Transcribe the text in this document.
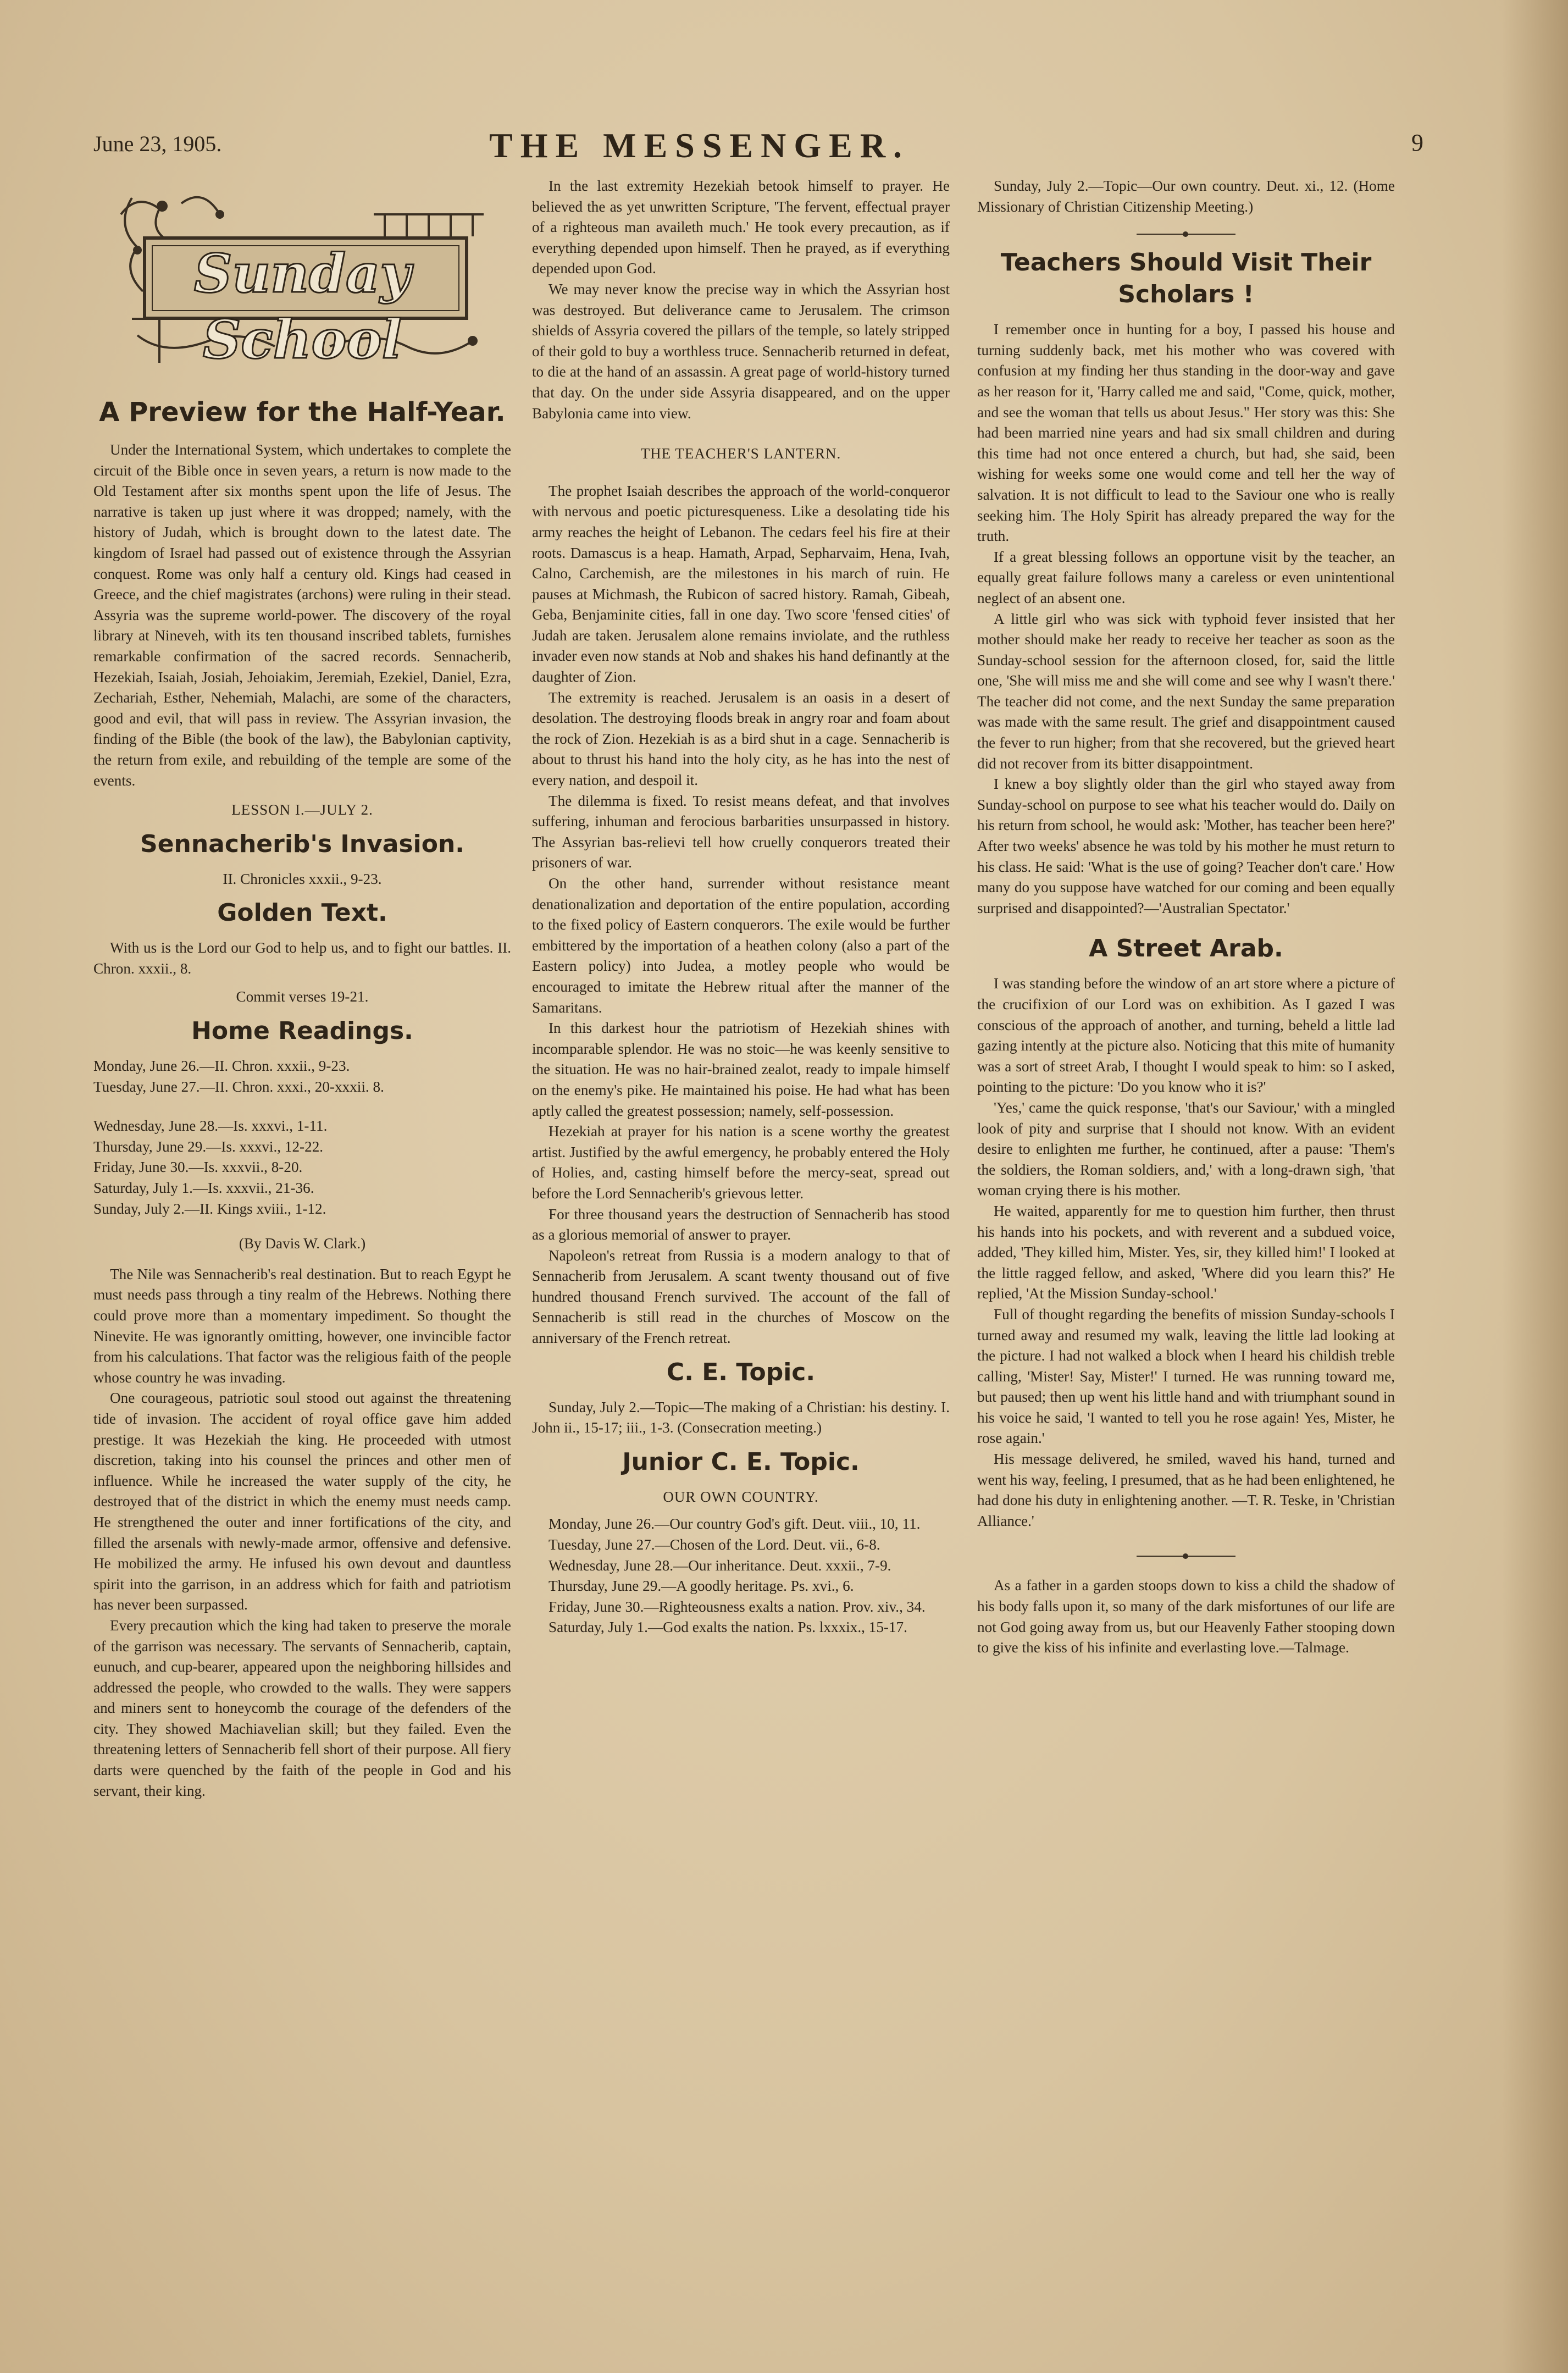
June 23, 1905.	THE MESSENGER.	9
Sunday School
A Preview for the Half-Year.

Under the International System, which undertakes to complete the circuit of the Bible once in seven years, a return is now made to the Old Testament after six months spent upon the life of Jesus. The narrative is taken up just where it was dropped; namely, with the history of Judah, which is brought down to the latest date. The kingdom of Israel had passed out of existence through the Assyrian conquest. Rome was only half a century old. Kings had ceased in Greece, and the chief magistrates (archons) were ruling in their stead. Assyria was the supreme world-power. The discovery of the royal library at Nineveh, with its ten thousand inscribed tablets, furnishes remarkable confirmation of the sacred records. Sennacherib, Hezekiah, Isaiah, Josiah, Jehoiakim, Jeremiah, Ezekiel, Daniel, Ezra, Zechariah, Esther, Nehemiah, Malachi, are some of the characters, good and evil, that will pass in review. The Assyrian invasion, the finding of the Bible (the book of the law), the Babylonian captivity, the return from exile, and rebuilding of the temple are some of the events.

LESSON I.—JULY 2.
Sennacherib's Invasion.

II. Chronicles xxxii., 9-23.

Golden Text.

With us is the Lord our God to help us, and to fight our battles. II. Chron. xxxii., 8.

Commit verses 19-21.

Home Readings.

Monday, June 26.—II. Chron. xxxii., 9-23.

Tuesday, June 27.—II. Chron. xxxi., 20-xxxii. 8.

Wednesday, June 28.—Is. xxxvi., 1-11.

Thursday, June 29.—Is. xxxvi., 12-22.

Friday, June 30.—Is. xxxvii., 8-20.

Saturday, July 1.—Is. xxxvii., 21-36.

Sunday, July 2.—II. Kings xviii., 1-12.

(By Davis W. Clark.)

The Nile was Sennacherib's real destination. But to reach Egypt he must needs pass through a tiny realm of the Hebrews. Nothing there could prove more than a momentary impediment. So thought the Ninevite. He was ignorantly omitting, however, one invincible factor from his calculations. That factor was the religious faith of the people whose country he was invading.

One courageous, patriotic soul stood out against the threatening tide of invasion. The accident of royal office gave him added prestige. It was Hezekiah the king. He proceeded with utmost discretion, taking into his counsel the princes and other men of influence. While he increased the water supply of the city, he destroyed that of the district in which the enemy must needs camp. He strengthened the outer and inner fortifications of the city, and filled the arsenals with newly-made armor, offensive and defensive. He mobilized the army. He infused his own devout and dauntless spirit into the garrison, in an address which for faith and patriotism has never been surpassed.

Every precaution which the king had taken to preserve the morale of the garrison was necessary. The servants of Sennacherib, captain, eunuch, and cup-bearer, appeared upon the neighboring hillsides and addressed the people, who crowded to the walls. They were sappers and miners sent to honeycomb the courage of the defenders of the city. They showed Machiavelian skill; but they failed. Even the threatening letters of Sennacherib fell short of their purpose. All fiery darts were quenched by the faith of the people in God and his servant, their king.

In the last extremity Hezekiah betook himself to prayer. He believed the as yet unwritten Scripture, 'The fervent, effectual prayer of a righteous man availeth much.' He took every precaution, as if everything depended upon himself. Then he prayed, as if everything depended upon God.

We may never know the precise way in which the Assyrian host was destroyed. But deliverance came to Jerusalem. The crimson shields of Assyria covered the pillars of the temple, so lately stripped of their gold to buy a worthless truce. Sennacherib returned in defeat, to die at the hand of an assassin. A great page of world-history turned that day. On the under side Assyria disappeared, and on the upper Babylonia came into view.

THE TEACHER'S LANTERN.

The prophet Isaiah describes the approach of the world-conqueror with nervous and poetic picturesqueness. Like a desolating tide his army reaches the height of Lebanon. The cedars feel his fire at their roots. Damascus is a heap. Hamath, Arpad, Sepharvaim, Hena, Ivah, Calno, Carchemish, are the milestones in his march of ruin. He pauses at Michmash, the Rubicon of sacred history. Ramah, Gibeah, Geba, Benjaminite cities, fall in one day. Two score 'fensed cities' of Judah are taken. Jerusalem alone remains inviolate, and the ruthless invader even now stands at Nob and shakes his hand definantly at the daughter of Zion.

The extremity is reached. Jerusalem is an oasis in a desert of desolation. The destroying floods break in angry roar and foam about the rock of Zion. Hezekiah is as a bird shut in a cage. Sennacherib is about to thrust his hand into the holy city, as he has into the nest of every nation, and despoil it.

The dilemma is fixed. To resist means defeat, and that involves suffering, inhuman and ferocious barbarities unsurpassed in history. The Assyrian bas-relievi tell how cruelly conquerors treated their prisoners of war.

On the other hand, surrender without resistance meant denationalization and deportation of the entire population, according to the fixed policy of Eastern conquerors. The exile would be further embittered by the importation of a heathen colony (also a part of the Eastern policy) into Judea, a motley people who would be encouraged to imitate the Hebrew ritual after the manner of the Samaritans.

In this darkest hour the patriotism of Hezekiah shines with incomparable splendor. He was no stoic—he was keenly sensitive to the situation. He was no hair-brained zealot, ready to impale himself on the enemy's pike. He maintained his poise. He had what has been aptly called the greatest possession; namely, self-possession.

Hezekiah at prayer for his nation is a scene worthy the greatest artist. Justified by the awful emergency, he probably entered the Holy of Holies, and, casting himself before the mercy-seat, spread out before the Lord Sennacherib's grievous letter.

For three thousand years the destruction of Sennacherib has stood as a glorious memorial of answer to prayer.

Napoleon's retreat from Russia is a modern analogy to that of Sennacherib from Jerusalem. A scant twenty thousand out of five hundred thousand French survived. The account of the fall of Sennacherib is still read in the churches of Moscow on the anniversary of the French retreat.

C. E. Topic.

Sunday, July 2.—Topic—The making of a Christian: his destiny. I. John ii., 15-17; iii., 1-3. (Consecration meeting.)

Junior C. E. Topic.
OUR OWN COUNTRY.

Monday, June 26.—Our country God's gift. Deut. viii., 10, 11.

Tuesday, June 27.—Chosen of the Lord. Deut. vii., 6-8.

Wednesday, June 28.—Our inheritance. Deut. xxxii., 7-9.

Thursday, June 29.—A goodly heritage. Ps. xvi., 6.

Friday, June 30.—Righteousness exalts a nation. Prov. xiv., 34.

Saturday, July 1.—God exalts the nation. Ps. lxxxix., 15-17.

Sunday, July 2.—Topic—Our own country. Deut. xi., 12. (Home Missionary of Christian Citizenship Meeting.)

Teachers Should Visit Their Scholars !

I remember once in hunting for a boy, I passed his house and turning suddenly back, met his mother who was covered with confusion at my finding her thus standing in the door-way and gave as her reason for it, 'Harry called me and said, "Come, quick, mother, and see the woman that tells us about Jesus." Her story was this: She had been married nine years and had six small children and during this time had not once entered a church, but had, she said, been wishing for weeks some one would come and tell her the way of salvation. It is not difficult to lead to the Saviour one who is really seeking him. The Holy Spirit has already prepared the way for the truth.

If a great blessing follows an opportune visit by the teacher, an equally great failure follows many a careless or even unintentional neglect of an absent one.

A little girl who was sick with typhoid fever insisted that her mother should make her ready to receive her teacher as soon as the Sunday-school session for the afternoon closed, for, said the little one, 'She will miss me and she will come and see why I wasn't there.' The teacher did not come, and the next Sunday the same preparation was made with the same result. The grief and disappointment caused the fever to run higher; from that she recovered, but the grieved heart did not recover from its bitter disappointment.

I knew a boy slightly older than the girl who stayed away from Sunday-school on purpose to see what his teacher would do. Daily on his return from school, he would ask: 'Mother, has teacher been here?' After two weeks' absence he was told by his mother he must return to his class. He said: 'What is the use of going? Teacher don't care.' How many do you suppose have watched for our coming and been equally surprised and disappointed?—'Australian Spectator.'

A Street Arab.

I was standing before the window of an art store where a picture of the crucifixion of our Lord was on exhibition. As I gazed I was conscious of the approach of another, and turning, beheld a little lad gazing intently at the picture also. Noticing that this mite of humanity was a sort of street Arab, I thought I would speak to him: so I asked, pointing to the picture: 'Do you know who it is?'

'Yes,' came the quick response, 'that's our Saviour,' with a mingled look of pity and surprise that I should not know. With an evident desire to enlighten me further, he continued, after a pause: 'Them's the soldiers, the Roman soldiers, and,' with a long-drawn sigh, 'that woman crying there is his mother.

He waited, apparently for me to question him further, then thrust his hands into his pockets, and with reverent and a subdued voice, added, 'They killed him, Mister. Yes, sir, they killed him!' I looked at the little ragged fellow, and asked, 'Where did you learn this?' He replied, 'At the Mission Sunday-school.'

Full of thought regarding the benefits of mission Sunday-schools I turned away and resumed my walk, leaving the little lad looking at the picture. I had not walked a block when I heard his childish treble calling, 'Mister! Say, Mister!' I turned. He was running toward me, but paused; then up went his little hand and with triumphant sound in his voice he said, 'I wanted to tell you he rose again! Yes, Mister, he rose again.'

His message delivered, he smiled, waved his hand, turned and went his way, feeling, I presumed, that as he had been enlightened, he had done his duty in enlightening another. —T. R. Teske, in 'Christian Alliance.'

As a father in a garden stoops down to kiss a child the shadow of his body falls upon it, so many of the dark misfortunes of our life are not God going away from us, but our Heavenly Father stooping down to give the kiss of his infinite and everlasting love.—Talmage.
